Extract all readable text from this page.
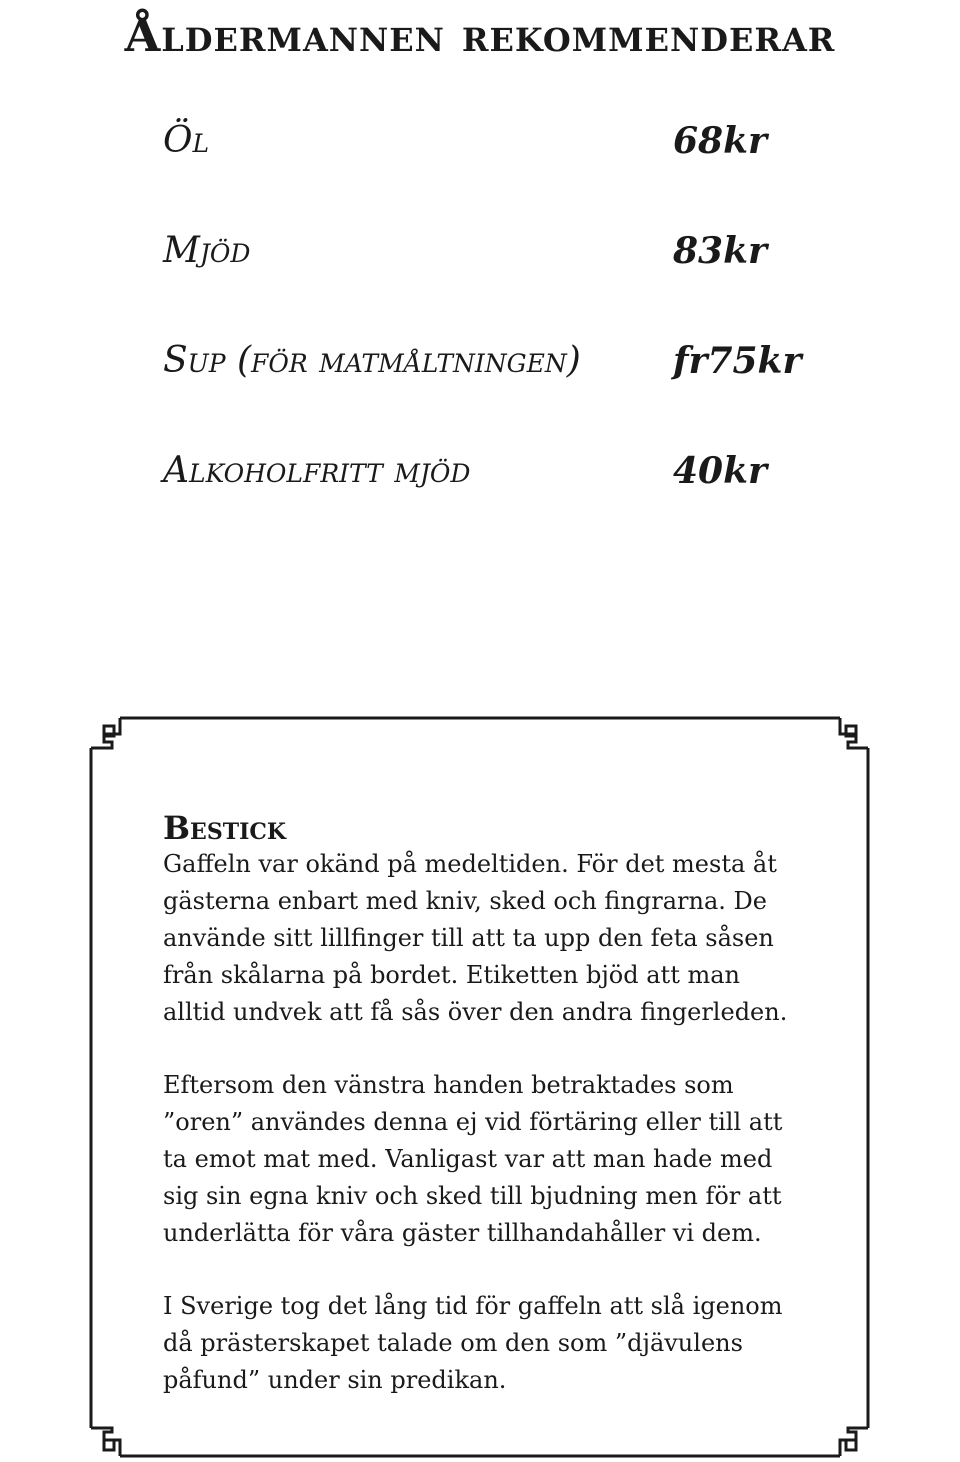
Åldermannen rekommenderar
Öl	68kr
Mjöd	83kr
Sup (för matmåltningen)	fr75kr
Alkoholfritt mjöd	40kr
Bestick

Gaffeln var okänd på medeltiden. För det mesta åt gästerna enbart med kniv, sked och fingrarna. De använde sitt lillfinger till att ta upp den feta såsen från skålarna på bordet. Etiketten bjöd att man alltid undvek att få sås över den andra fingerleden.

Eftersom den vänstra handen betraktades som ”oren” användes denna ej vid förtäring eller till att ta emot mat med. Vanligast var att man hade med sig sin egna kniv och sked till bjudning men för att underlätta för våra gäster tillhandahåller vi dem.

I Sverige tog det lång tid för gaffeln att slå igenom då prästerskapet talade om den som ”djävulens påfund” under sin predikan.
